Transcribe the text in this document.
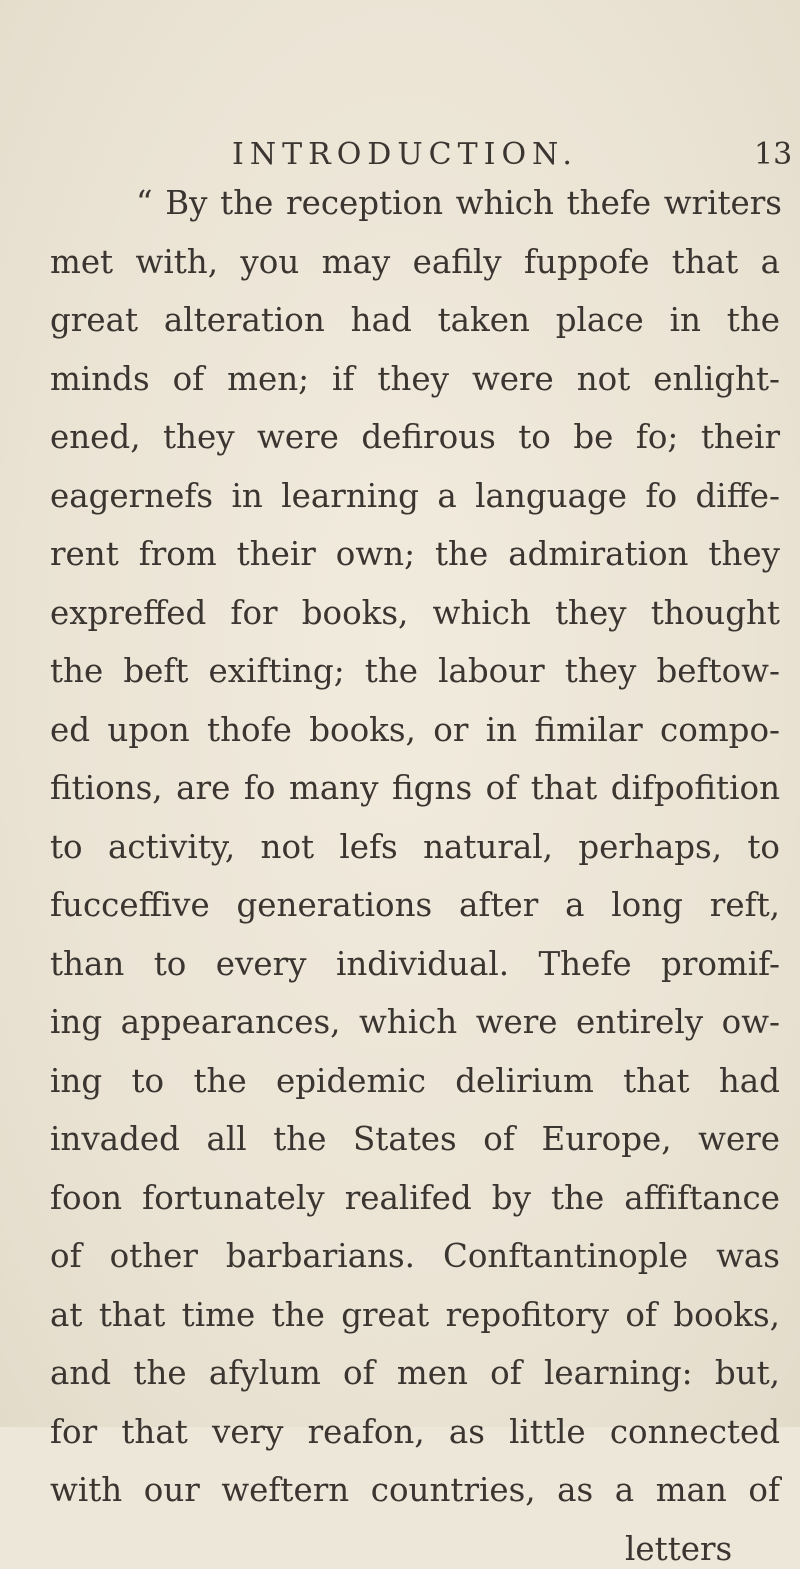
INTRODUCTION.	13
“ By the reception which thefe writers
met with, you may eafily fuppofe that a
great alteration had taken place in the
minds of men; if they were not enlight-
ened, they were defirous to be fo; their
eagernefs in learning a language fo diffe-
rent from their own; the admiration they
expreffed for books, which they thought
the beft exifting; the labour they beftow-
ed upon thofe books, or in fimilar compo-
fitions, are fo many figns of that difpofition
to activity, not lefs natural, perhaps, to
fucceffive generations after a long reft,
than to every individual. Thefe promif-
ing appearances, which were entirely ow-
ing to the epidemic delirium that had
invaded all the States of Europe, were
foon fortunately realifed by the affiftance
of other barbarians. Conftantinople was
at that time the great repofitory of books,
and the afylum of men of learning: but,
for that very reafon, as little connected
with our weftern countries, as a man of
letters
